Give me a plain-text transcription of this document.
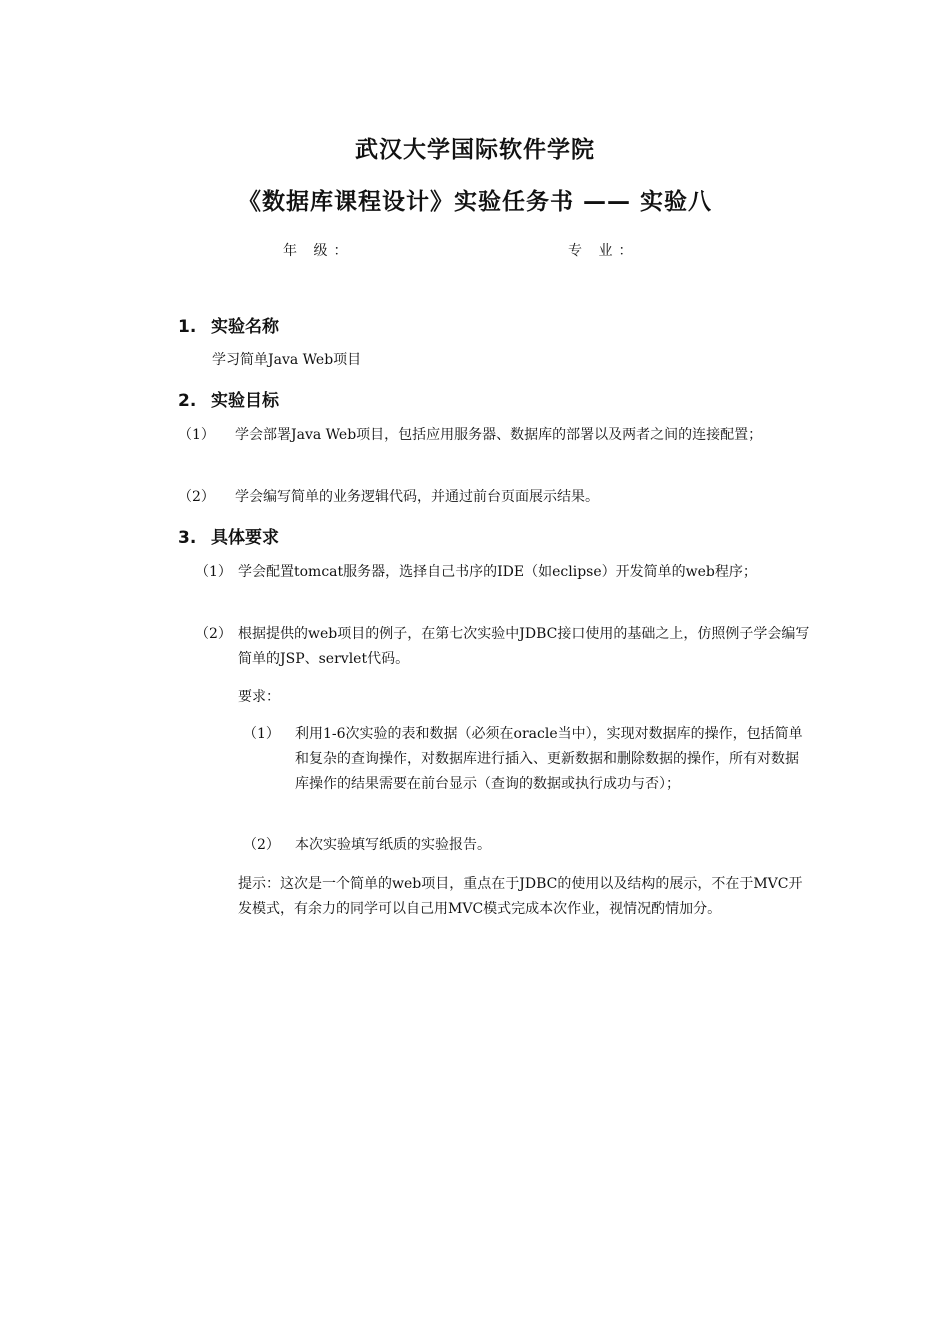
武汉大学国际软件学院
《数据库课程设计》实验任务书 —— 实验八
年 级：	专 业：
1. 实验名称
学习简单Java Web项目
2. 实验目标
（1） 学会部署Java Web项目，包括应用服务器、数据库的部署以及两者之间的连接配置；
（2） 学会编写简单的业务逻辑代码，并通过前台页面展示结果。
3. 具体要求
（1） 学会配置tomcat服务器，选择自己书序的IDE（如eclipse）开发简单的web程序；
（2） 根据提供的web项目的例子，在第七次实验中JDBC接口使用的基础之上，仿照例子学会编写简单的JSP、servlet代码。
要求：
（1） 利用1-6次实验的表和数据（必须在oracle当中），实现对数据库的操作，包括简单和复杂的查询操作，对数据库进行插入、更新数据和删除数据的操作，所有对数据库操作的结果需要在前台显示（查询的数据或执行成功与否）；
（2） 本次实验填写纸质的实验报告。
提示：这次是一个简单的web项目，重点在于JDBC的使用以及结构的展示，不在于MVC开发模式，有余力的同学可以自己用MVC模式完成本次作业，视情况酌情加分。
